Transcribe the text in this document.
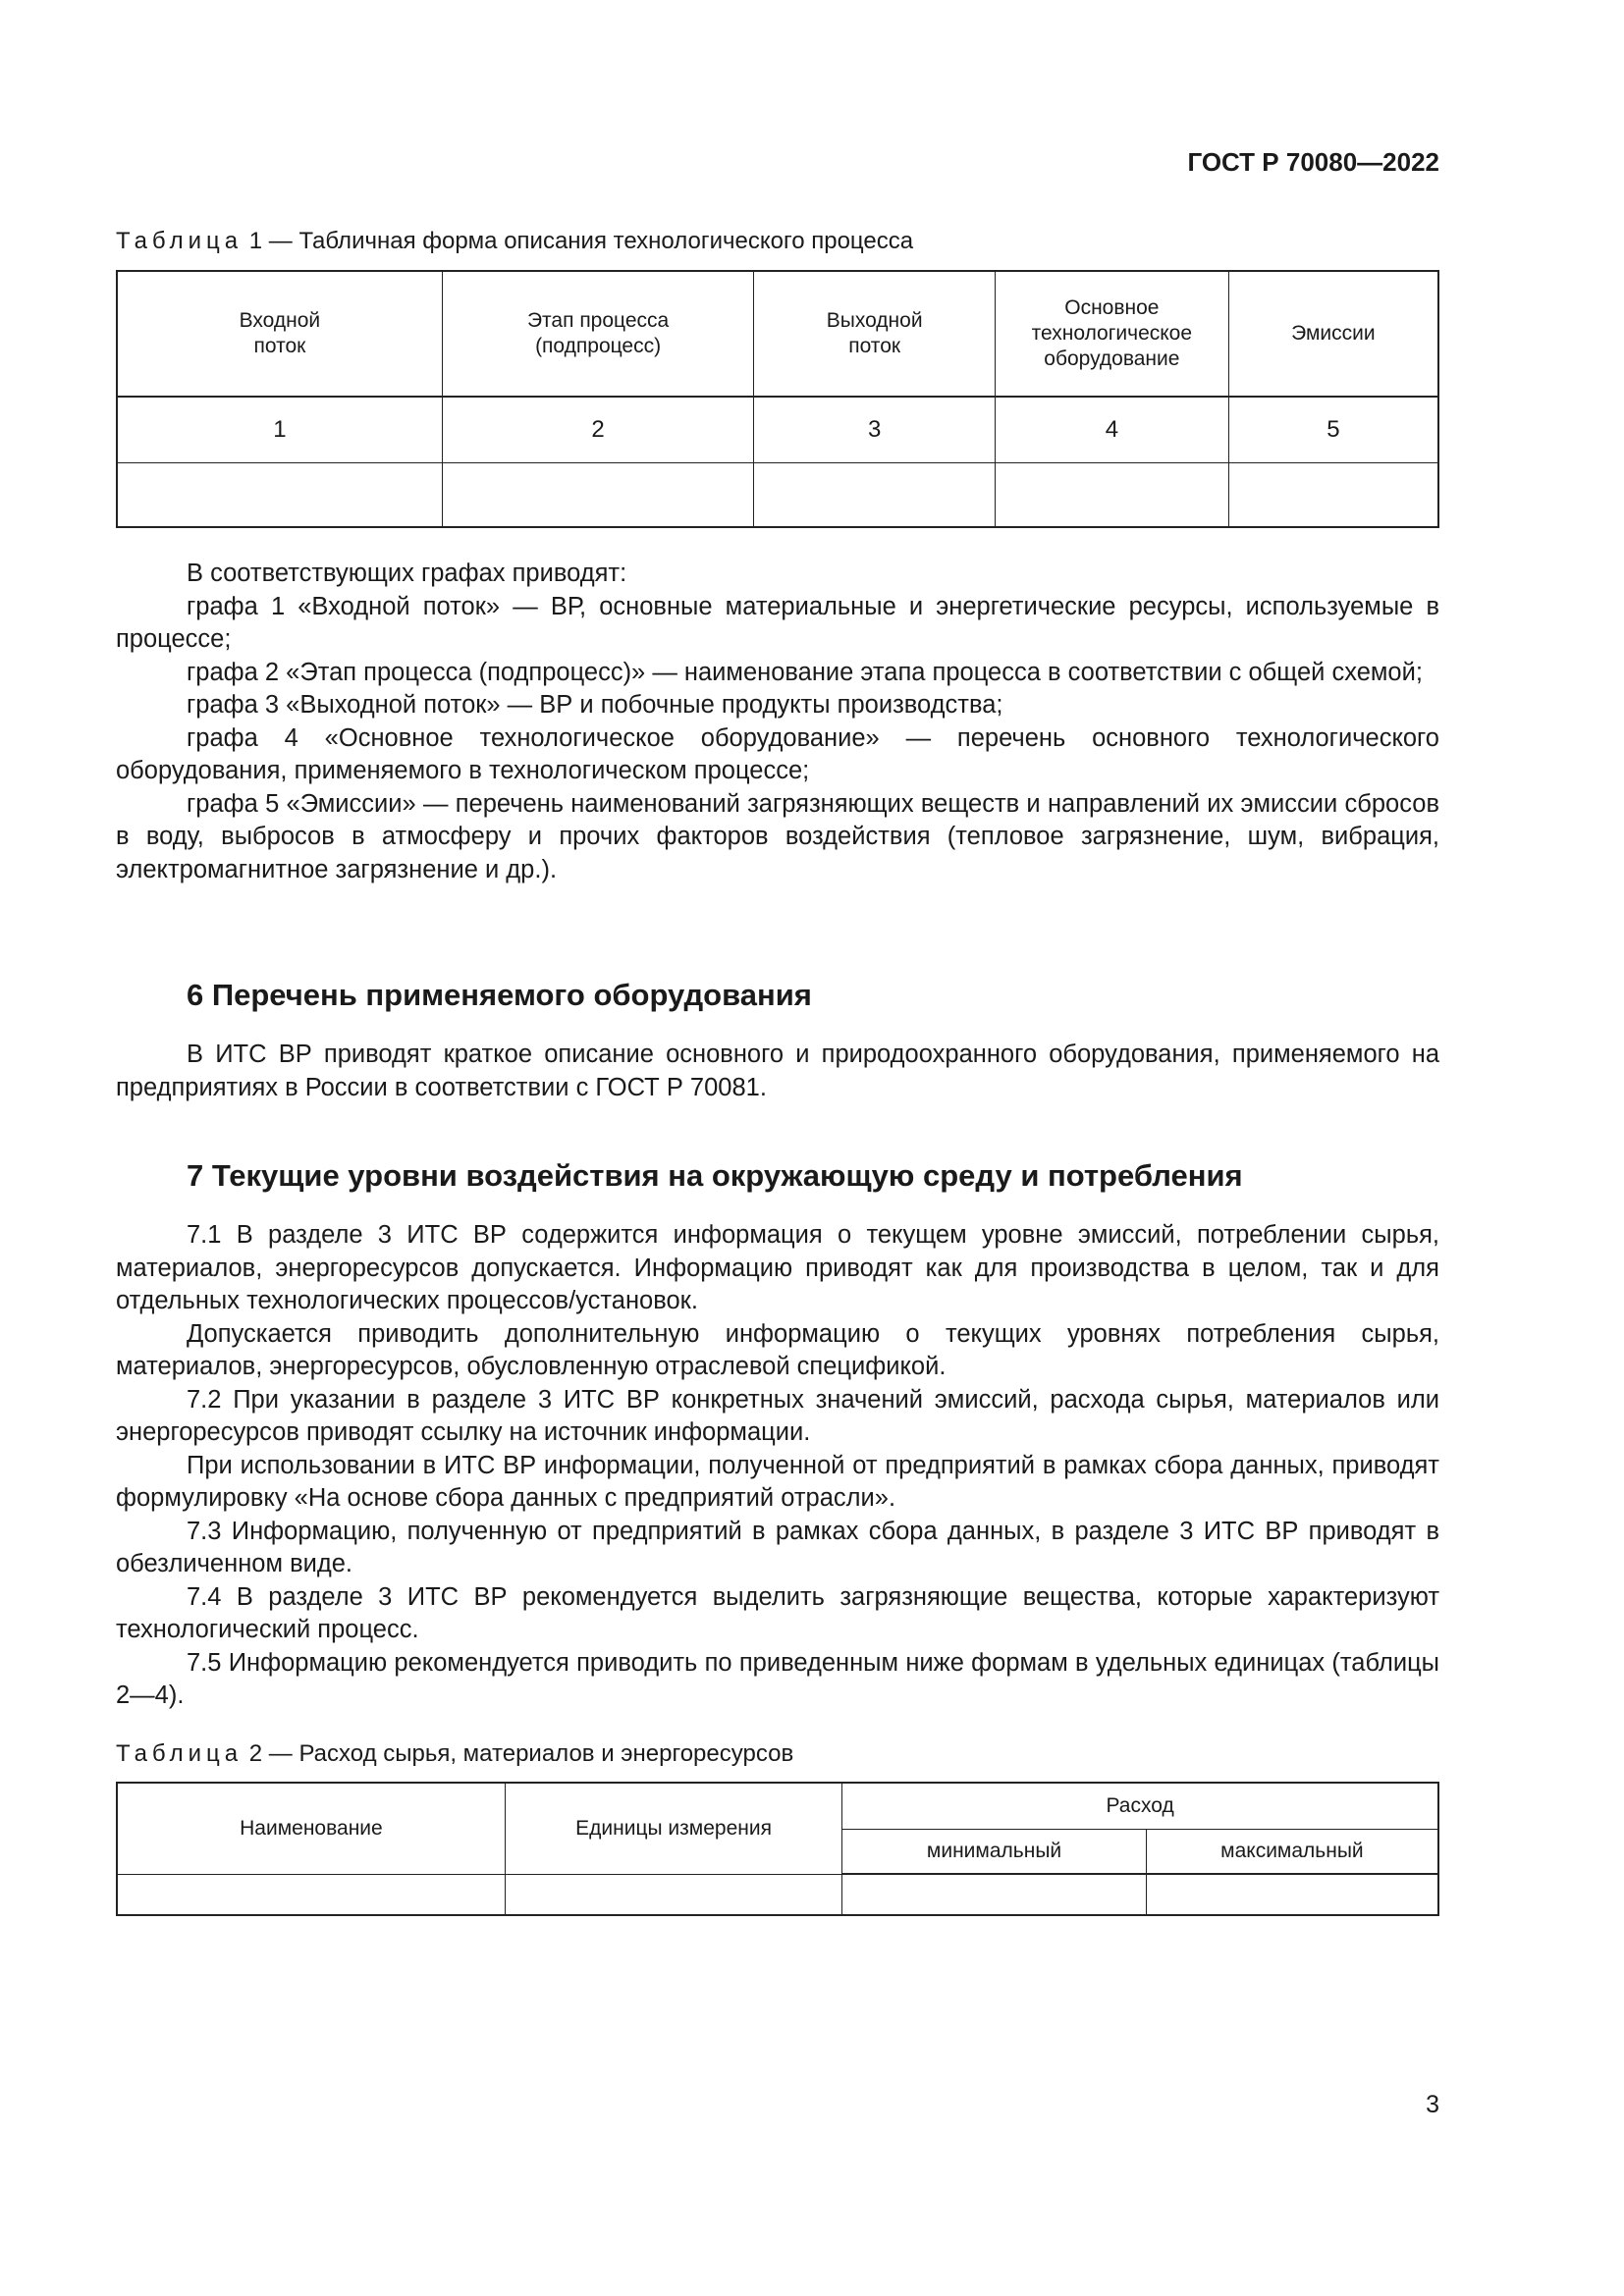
ГОСТ Р 70080—2022

Таблица 1 — Табличная форма описания технологического процесса

Входной поток	Этап процесса (подпроцесс)	Выходной поток	Основное технологическое оборудование	Эмиссии
1	2	3	4	5

В соответствующих графах приводят:

графа 1 «Входной поток» — ВР, основные материальные и энергетические ресурсы, используемые в процессе;

графа 2 «Этап процесса (подпроцесс)» — наименование этапа процесса в соответствии с общей схемой;

графа 3 «Выходной поток» — ВР и побочные продукты производства;

графа 4 «Основное технологическое оборудование» — перечень основного технологического оборудования, применяемого в технологическом процессе;

графа 5 «Эмиссии» — перечень наименований загрязняющих веществ и направлений их эмиссии сбросов в воду, выбросов в атмосферу и прочих факторов воздействия (тепловое загрязнение, шум, вибрация, электромагнитное загрязнение и др.).

6 Перечень применяемого оборудования

В ИТС ВР приводят краткое описание основного и природоохранного оборудования, применяемого на предприятиях в России в соответствии с ГОСТ Р 70081.

7 Текущие уровни воздействия на окружающую среду и потребления

7.1 В разделе 3 ИТС ВР содержится информация о текущем уровне эмиссий, потреблении сырья, материалов, энергоресурсов допускается. Информацию приводят как для производства в целом, так и для отдельных технологических процессов/установок.

Допускается приводить дополнительную информацию о текущих уровнях потребления сырья, материалов, энергоресурсов, обусловленную отраслевой спецификой.

7.2 При указании в разделе 3 ИТС ВР конкретных значений эмиссий, расхода сырья, материалов или энергоресурсов приводят ссылку на источник информации.

При использовании в ИТС ВР информации, полученной от предприятий в рамках сбора данных, приводят формулировку «На основе сбора данных с предприятий отрасли».

7.3 Информацию, полученную от предприятий в рамках сбора данных, в разделе 3 ИТС ВР приводят в обезличенном виде.

7.4 В разделе 3 ИТС ВР рекомендуется выделить загрязняющие вещества, которые характеризуют технологический процесс.

7.5 Информацию рекомендуется приводить по приведенным ниже формам в удельных единицах (таблицы 2—4).

Таблица 2 — Расход сырья, материалов и энергоресурсов

Наименование	Единицы измерения	Расход	
		минимальный	максимальный

3
